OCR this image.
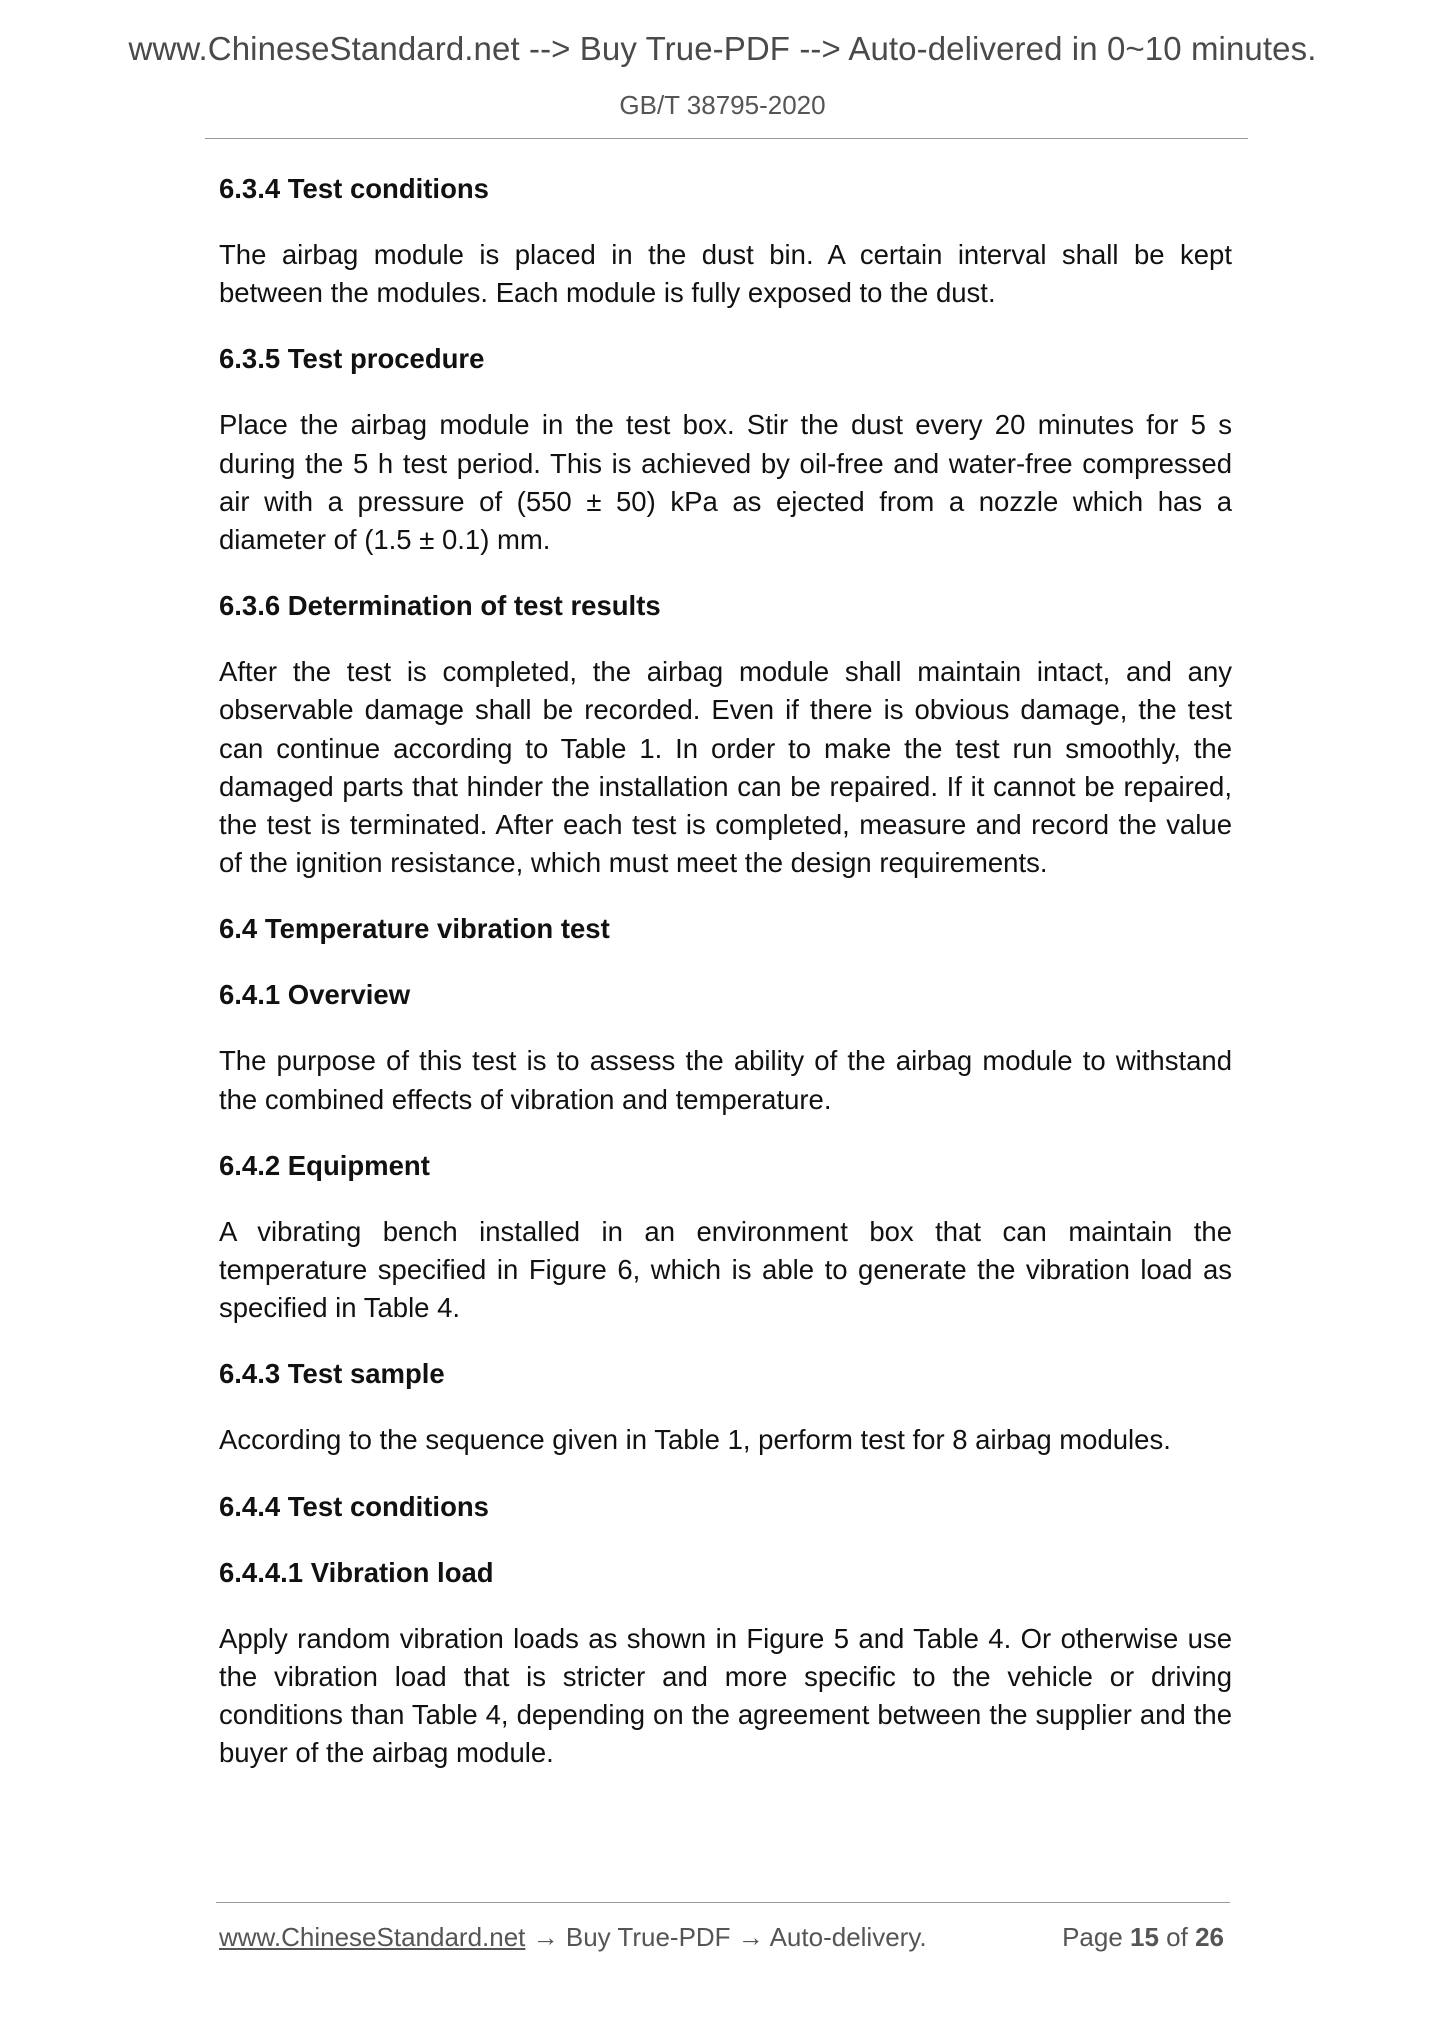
www.ChineseStandard.net --> Buy True-PDF --> Auto-delivered in 0~10 minutes.
GB/T 38795-2020
6.3.4 Test conditions
The airbag module is placed in the dust bin. A certain interval shall be kept between the modules. Each module is fully exposed to the dust.
6.3.5 Test procedure
Place the airbag module in the test box. Stir the dust every 20 minutes for 5 s during the 5 h test period. This is achieved by oil-free and water-free compressed air with a pressure of (550 ± 50) kPa as ejected from a nozzle which has a diameter of (1.5 ± 0.1) mm.
6.3.6 Determination of test results
After the test is completed, the airbag module shall maintain intact, and any observable damage shall be recorded. Even if there is obvious damage, the test can continue according to Table 1. In order to make the test run smoothly, the damaged parts that hinder the installation can be repaired. If it cannot be repaired, the test is terminated. After each test is completed, measure and record the value of the ignition resistance, which must meet the design requirements.
6.4 Temperature vibration test
6.4.1 Overview
The purpose of this test is to assess the ability of the airbag module to withstand the combined effects of vibration and temperature.
6.4.2 Equipment
A vibrating bench installed in an environment box that can maintain the temperature specified in Figure 6, which is able to generate the vibration load as specified in Table 4.
6.4.3 Test sample
According to the sequence given in Table 1, perform test for 8 airbag modules.
6.4.4 Test conditions
6.4.4.1 Vibration load
Apply random vibration loads as shown in Figure 5 and Table 4. Or otherwise use the vibration load that is stricter and more specific to the vehicle or driving conditions than Table 4, depending on the agreement between the supplier and the buyer of the airbag module.
www.ChineseStandard.net → Buy True-PDF → Auto-delivery.	Page 15 of 26
